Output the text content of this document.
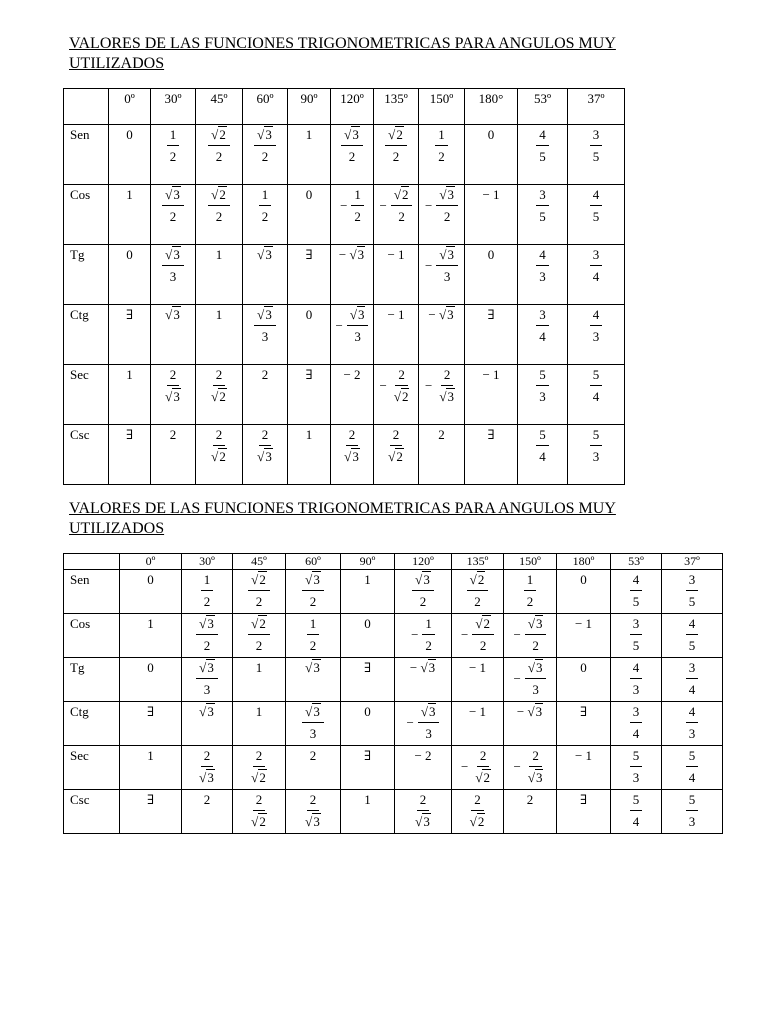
VALORES DE LAS FUNCIONES TRIGONOMETRICAS PARA ANGULOS MUY UTILIZADOS
	0º	30º	45º	60º	90º	120º	135º	150º	180°	53º	37º
Sen	0	$\frac{1}{2}$	$\frac{√2}{2}$	$\frac{√3}{2}$	1	$\frac{√3}{2}$	$\frac{√2}{2}$	$\frac{1}{2}$	0	$\frac{4}{5}$	$\frac{3}{5}$

Cos	1	$\frac{√3}{2}$	$\frac{√2}{2}$	$\frac{1}{2}$	0	− $\frac{1}{2}$	− $\frac{√2}{2}$	− $\frac{√3}{2}$	− 1	$\frac{3}{5}$	$\frac{4}{5}$

Tg	0	$\frac{√3}{3}$	1	√3	∃	− √3	− 1	− $\frac{√3}{3}$	0	$\frac{4}{3}$	$\frac{3}{4}$

Ctg	∃	√3	1	$\frac{√3}{3}$	0	− $\frac{√3}{3}$	− 1	− √3	∃	$\frac{3}{4}$	$\frac{4}{3}$

Sec	1	$\frac{2}{√3}$	$\frac{2}{√2}$	2	∃	− 2	− $\frac{2}{√2}$	− $\frac{2}{√3}$	− 1	$\frac{5}{3}$	$\frac{5}{4}$

Csc	∃	2	$\frac{2}{√2}$	$\frac{2}{√3}$	1	$\frac{2}{√3}$	$\frac{2}{√2}$	2	∃	$\frac{5}{4}$	$\frac{5}{3}$
VALORES DE LAS FUNCIONES TRIGONOMETRICAS PARA ANGULOS MUY UTILIZADOS
	0º	30º	45º	60º	90º	120º	135º	150º	180º	53º	37º
Sen	0	$\frac{1}{2}$	$\frac{√2}{2}$	$\frac{√3}{2}$	1	$\frac{√3}{2}$	$\frac{√2}{2}$	$\frac{1}{2}$	0	$\frac{4}{5}$	$\frac{3}{5}$

Cos	1	$\frac{√3}{2}$	$\frac{√2}{2}$	$\frac{1}{2}$	0	− $\frac{1}{2}$	− $\frac{√2}{2}$	− $\frac{√3}{2}$	− 1	$\frac{3}{5}$	$\frac{4}{5}$

Tg	0	$\frac{√3}{3}$	1	√3	∃	− √3	− 1	− $\frac{√3}{3}$	0	$\frac{4}{3}$	$\frac{3}{4}$

Ctg	∃	√3	1	$\frac{√3}{3}$	0	− $\frac{√3}{3}$	− 1	− √3	∃	$\frac{3}{4}$	$\frac{4}{3}$

Sec	1	$\frac{2}{√3}$	$\frac{2}{√2}$	2	∃	− 2	− $\frac{2}{√2}$	− $\frac{2}{√3}$	− 1	$\frac{5}{3}$	$\frac{5}{4}$

Csc	∃	2	$\frac{2}{√2}$	$\frac{2}{√3}$	1	$\frac{2}{√3}$	$\frac{2}{√2}$	2	∃	$\frac{5}{4}$	$\frac{5}{3}$
